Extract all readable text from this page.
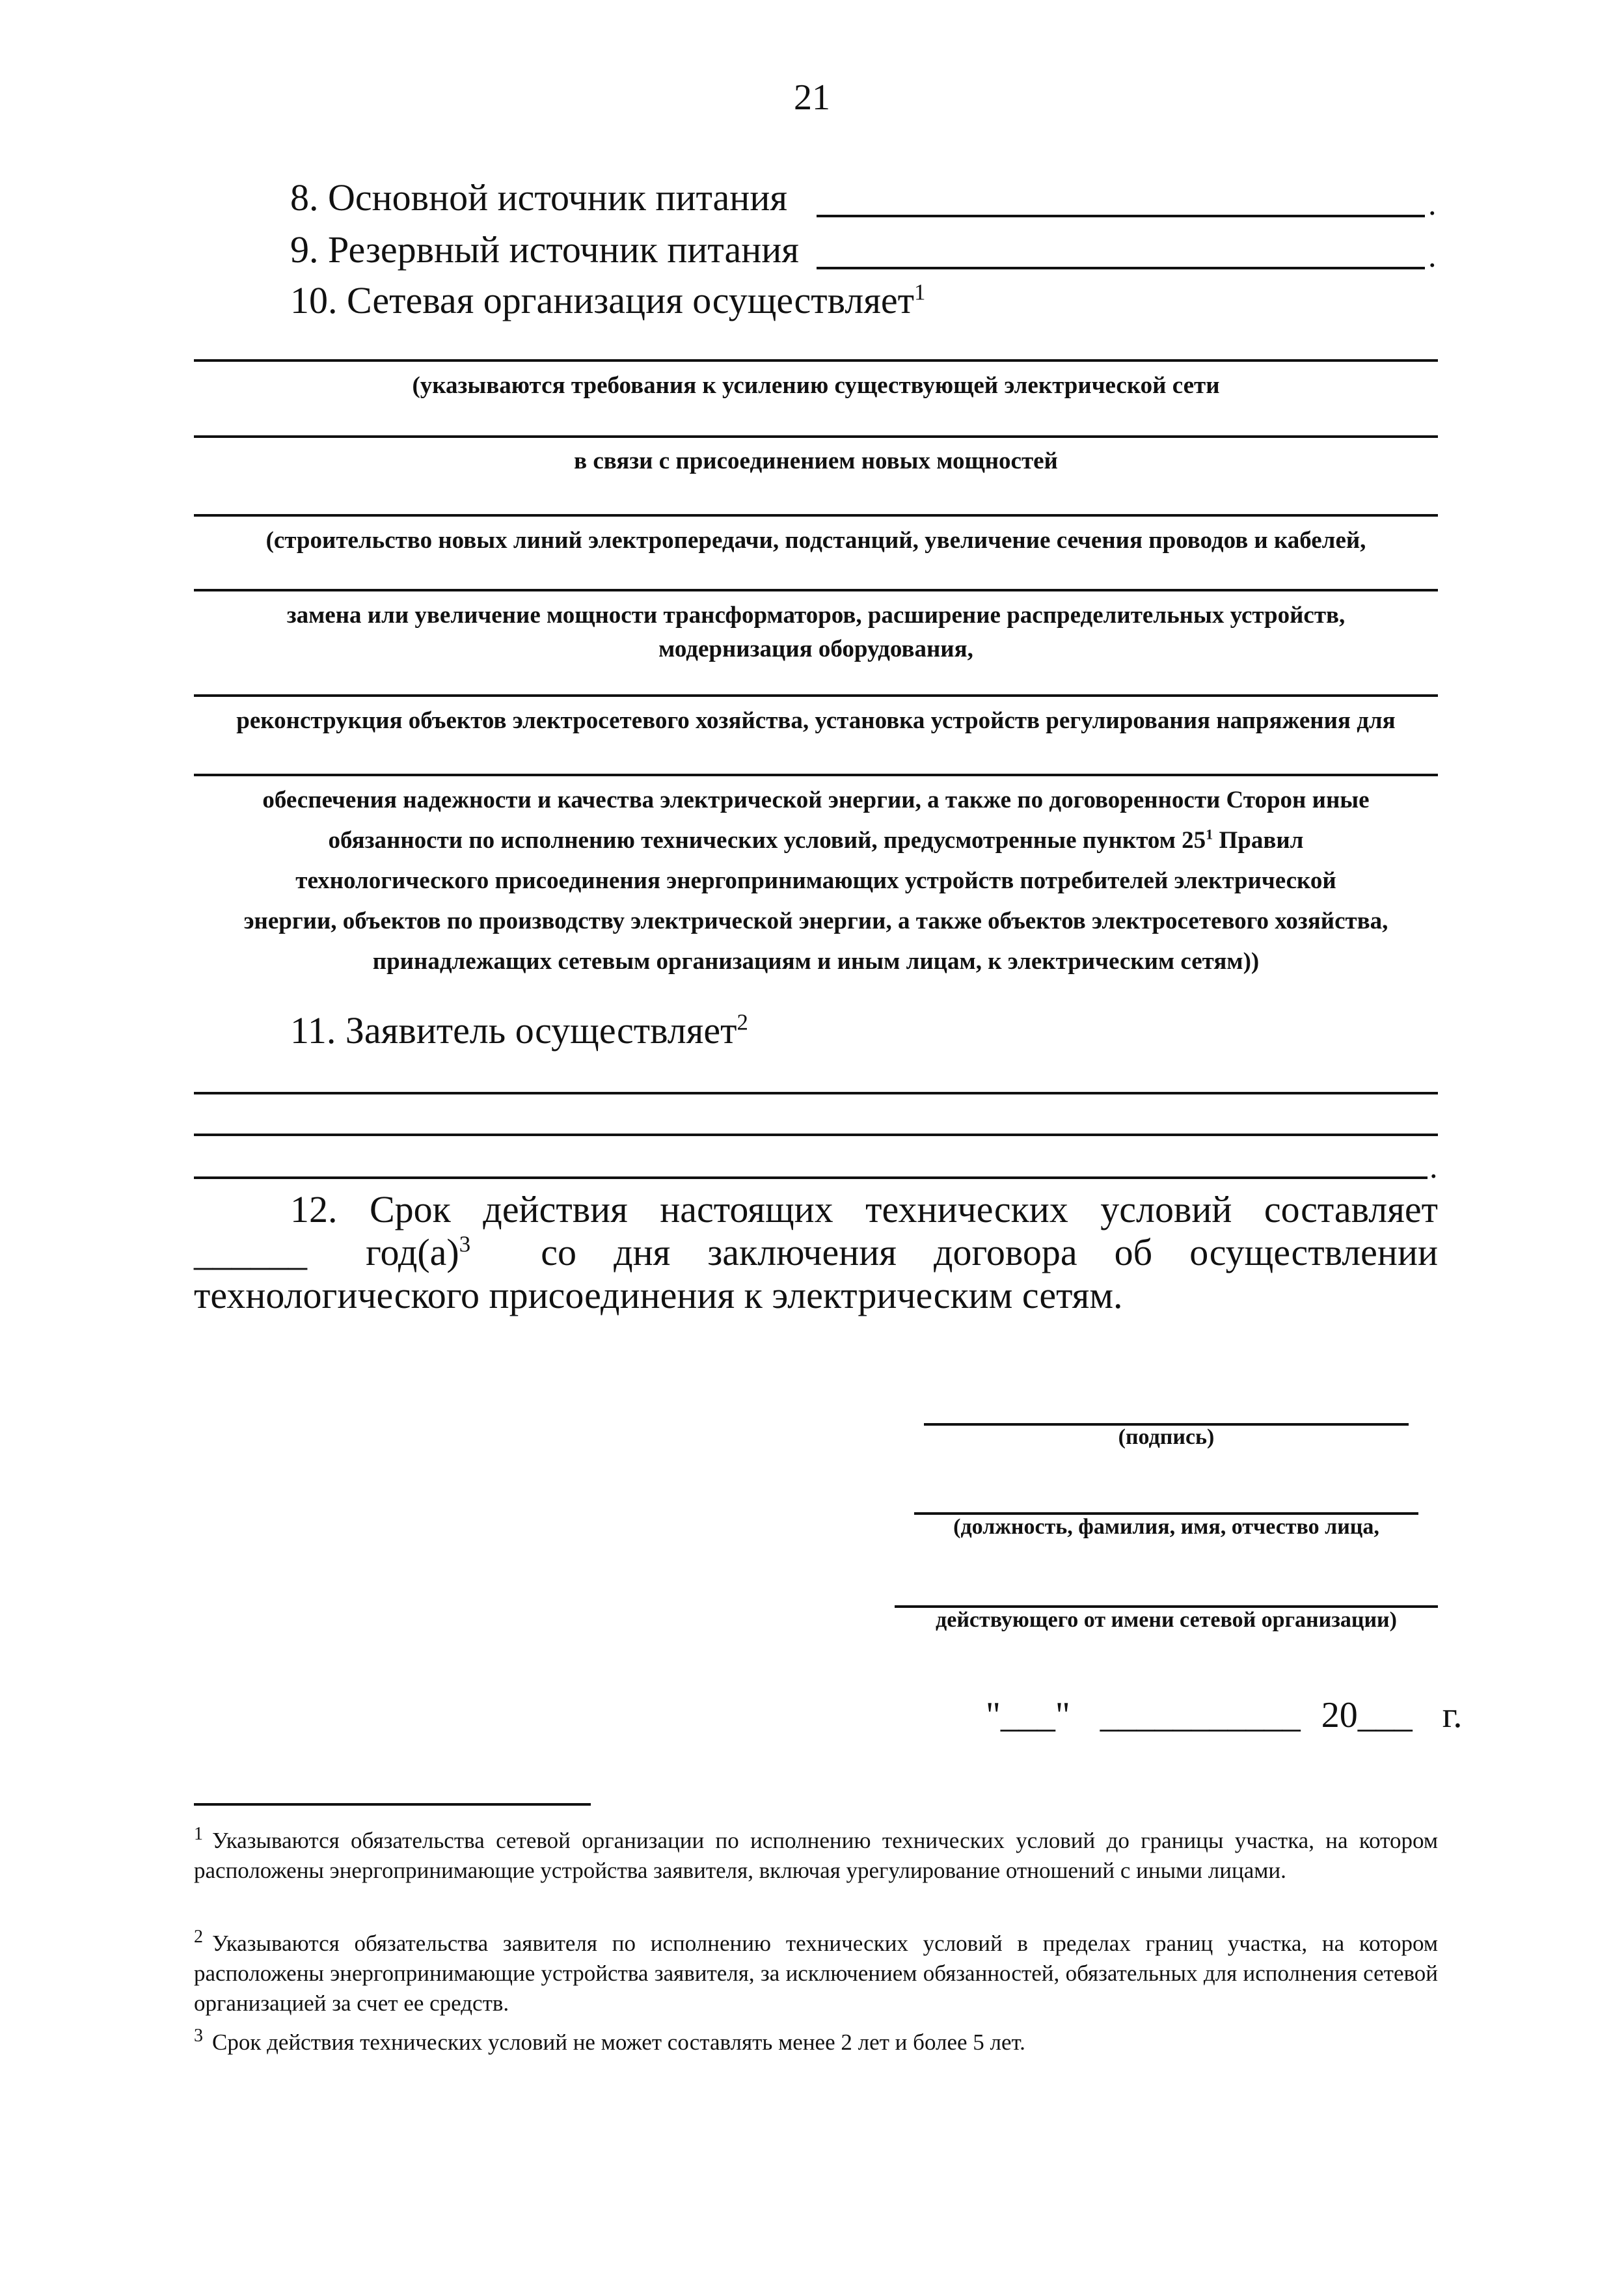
21
8. Основной источник питания	.
9. Резервный источник питания	.
10. Сетевая организация осуществляет$^1$
(указываются требования к усилению существующей электрической сети
в связи с присоединением новых мощностей
(строительство новых линий электропередачи, подстанций, увеличение сечения проводов и кабелей,
замена или увеличение мощности трансформаторов, расширение распределительных устройств,
модернизация оборудования,
реконструкция объектов электросетевого хозяйства, установка устройств регулирования напряжения для
обеспечения надежности и качества электрической энергии, а также по договоренности Сторон иные
обязанности по исполнению технических условий, предусмотренные пунктом $25^1$ Правил
технологического присоединения энергопринимающих устройств потребителей электрической
энергии, объектов по производству электрической энергии, а также объектов электросетевого хозяйства,
принадлежащих сетевым организациям и иным лицам, к электрическим сетям))
11. Заявитель осуществляет$^2$
.
12. Срок действия настоящих технических условий составляет
______ $год(а)^3$ со дня заключения договора об осуществлении
технологического присоединения к электрическим сетям.
(подпись)
(должность, фамилия, имя, отчество лица,
действующего от имени сетевой организации)
"___" ___________ 20___ г.
$^1$ Указываются обязательства сетевой организации по исполнению технических условий до границы участка, на котором расположены энергопринимающие устройства заявителя, включая урегулирование отношений с иными лицами.
$^2$ Указываются обязательства заявителя по исполнению технических условий в пределах границ участка, на котором расположены энергопринимающие устройства заявителя, за исключением обязанностей, обязательных для исполнения сетевой организацией за счет ее средств.
$^3$ Срок действия технических условий не может составлять менее 2 лет и более 5 лет.
